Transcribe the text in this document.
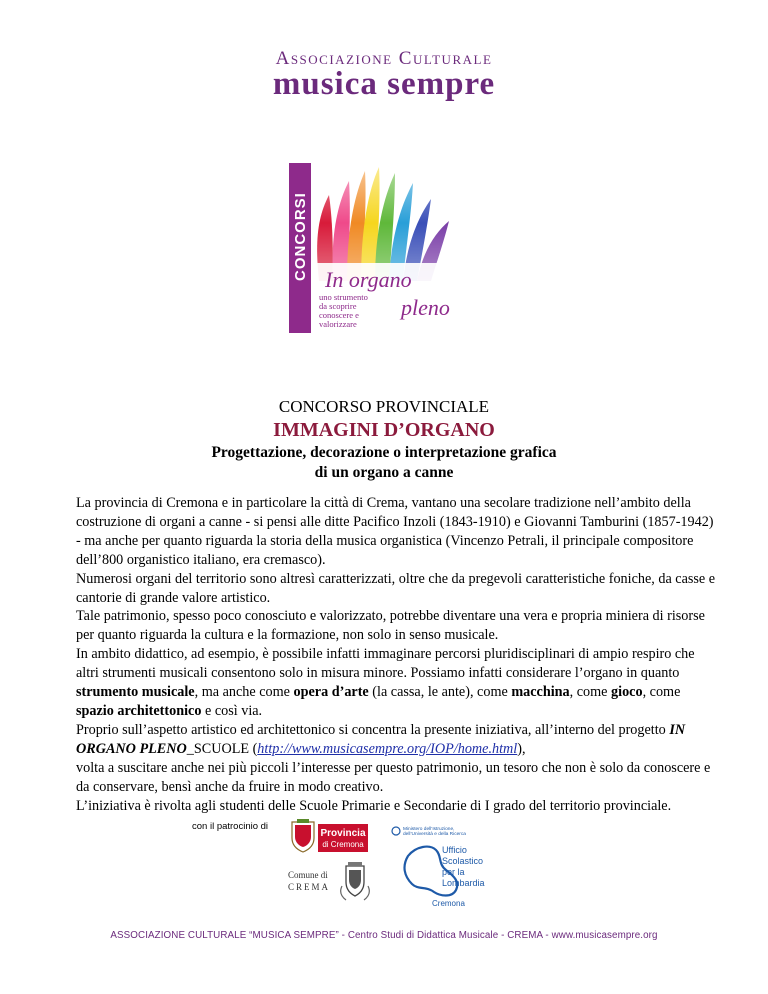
Associazione Culturale
musica sempre
CONCORSI In organo
pleno
uno strumento
da scoprire
conoscere e
valorizzare
CONCORSO PROVINCIALE
IMMAGINI D’ORGANO
Progettazione, decorazione o interpretazione grafica
di un organo a canne

La provincia di Cremona e in particolare la città di Crema, vantano una secolare tradizione nell’ambito della costruzione di organi a canne - si pensi alle ditte Pacifico Inzoli (1843-1910) e Giovanni Tamburini (1857-1942) - ma anche per quanto riguarda la storia della musica organistica (Vincenzo Petrali, il principale compositore dell’800 organistico italiano, era cremasco).

Numerosi organi del territorio sono altresì caratterizzati, oltre che da pregevoli caratteristiche foniche, da casse e cantorie di grande valore artistico.

Tale patrimonio, spesso poco conosciuto e valorizzato, potrebbe diventare una vera e propria miniera di risorse per quanto riguarda la cultura e la formazione, non solo in senso musicale.

In ambito didattico, ad esempio, è possibile infatti immaginare percorsi pluridisciplinari di ampio respiro che altri strumenti musicali consentono solo in misura minore. Possiamo infatti considerare l’organo in quanto strumento musicale, ma anche come opera d’arte (la cassa, le ante), come macchina, come gioco, come spazio architettonico e così via.

Proprio sull’aspetto artistico ed architettonico si concentra la presente iniziativa, all’interno del progetto IN ORGANO PLENO_SCUOLE (http://www.musicasempre.org/IOP/home.html),

volta a suscitare anche nei più piccoli l’interesse per questo patrimonio, un tesoro che non è solo da conoscere e da conservare, bensì anche da fruire in modo creativo.

L’iniziativa è rivolta agli studenti delle Scuole Primarie e Secondarie di I grado del territorio provinciale.

con il patrocinio di
Provincia
di Cremona
Comune di
CREMA
Ministero dell’Istruzione,
dell’Università e della Ricerca
Ufficio
Scolastico
per la
Lombardia
Cremona
ASSOCIAZIONE CULTURALE “MUSICA SEMPRE” - Centro Studi di Didattica Musicale - CREMA - www.musicasempre.org
